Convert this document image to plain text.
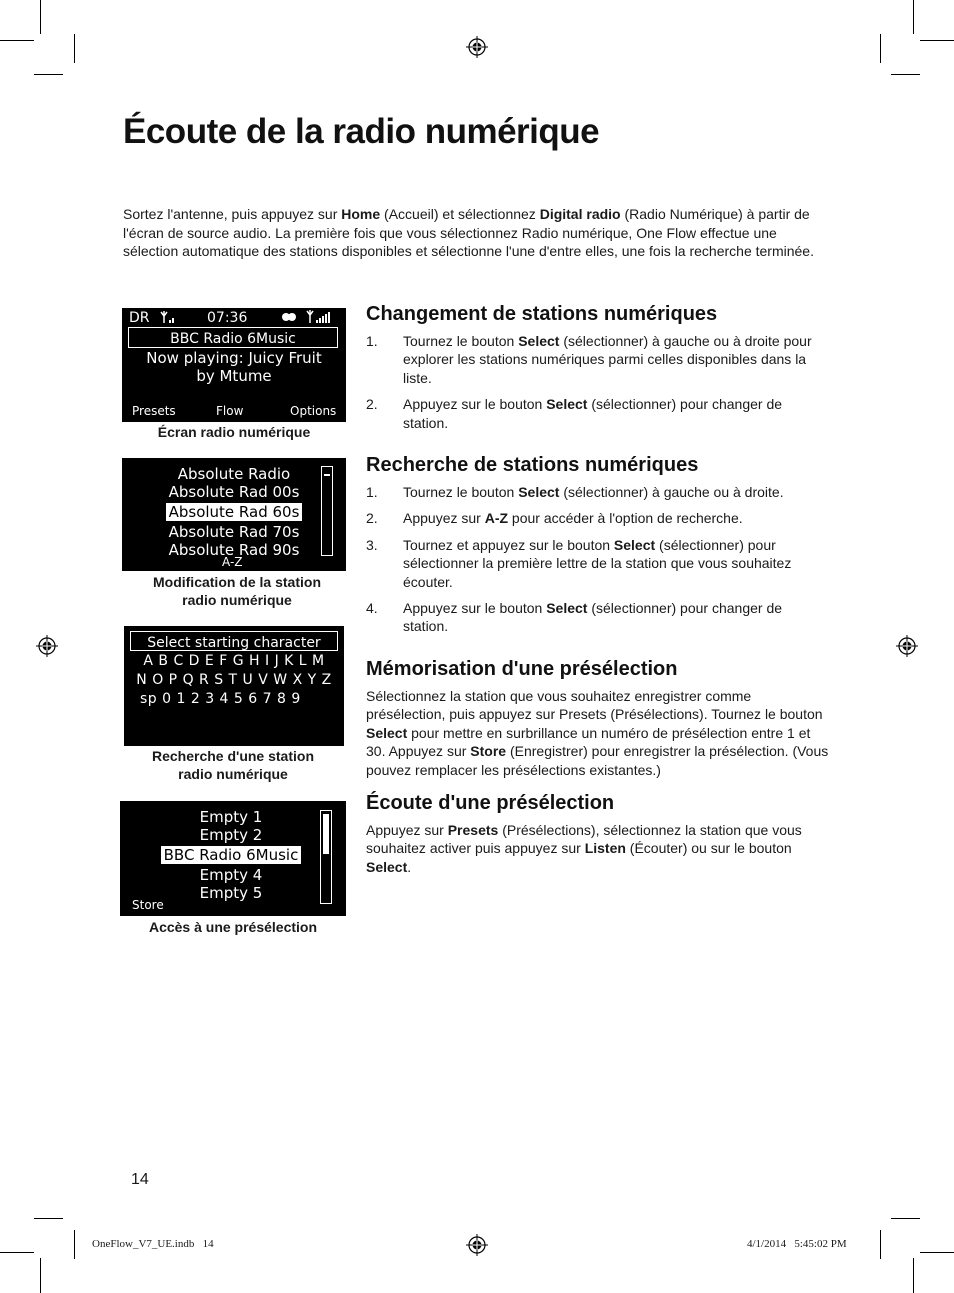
Écoute de la radio numérique

Sortez l'antenne, puis appuyez sur Home (Accueil) et sélectionnez Digital radio (Radio Numérique) à partir de l'écran de source audio. La première fois que vous sélectionnez Radio numérique, One Flow effectue une sélection automatique des stations disponibles et sélectionne l'une d'entre elles, une fois la recherche terminée.

DR	07:36
BBC Radio 6Music
Now playing: Juicy Fruit
by Mtume
Presets	Flow	Options
Écran radio numérique
Absolute Radio
Absolute Rad 00s
Absolute Rad 60s
Absolute Rad 70s
Absolute Rad 90s
A-Z
Modification de la station
radio numérique
Select starting character
A B C D E F G H I J K L M
N O P Q R S T U V W X Y Z
sp 0 1 2 3 4 5 6 7 8 9
Recherche d'une station
radio numérique
Empty 1
Empty 2
BBC Radio 6Music
Empty 4
Empty 5
Store
Accès à une présélection
Changement de stations numériques
1. Tournez le bouton Select (sélectionner) à gauche ou à droite pour explorer les stations numériques parmi celles disponibles dans la liste.
2. Appuyez sur le bouton Select (sélectionner) pour changer de station.
Recherche de stations numériques
1. Tournez le bouton Select (sélectionner) à gauche ou à droite.
2. Appuyez sur A-Z pour accéder à l'option de recherche.
3. Tournez et appuyez sur le bouton Select (sélectionner) pour sélectionner la première lettre de la station que vous souhaitez écouter.
4. Appuyez sur le bouton Select (sélectionner) pour changer de station.
Mémorisation d'une présélection

Sélectionnez la station que vous souhaitez enregistrer comme présélection, puis appuyez sur Presets (Présélections). Tournez le bouton Select pour mettre en surbrillance un numéro de présélection entre 1 et 30. Appuyez sur Store (Enregistrer) pour enregistrer la présélection. (Vous pouvez remplacer les présélections existantes.)

Écoute d'une présélection

Appuyez sur Presets (Présélections), sélectionnez la station que vous souhaitez activer puis appuyez sur Listen (Écouter) ou sur le bouton Select.

14
OneFlow_V7_UE.indb   14	4/1/2014   5:45:02 PM
